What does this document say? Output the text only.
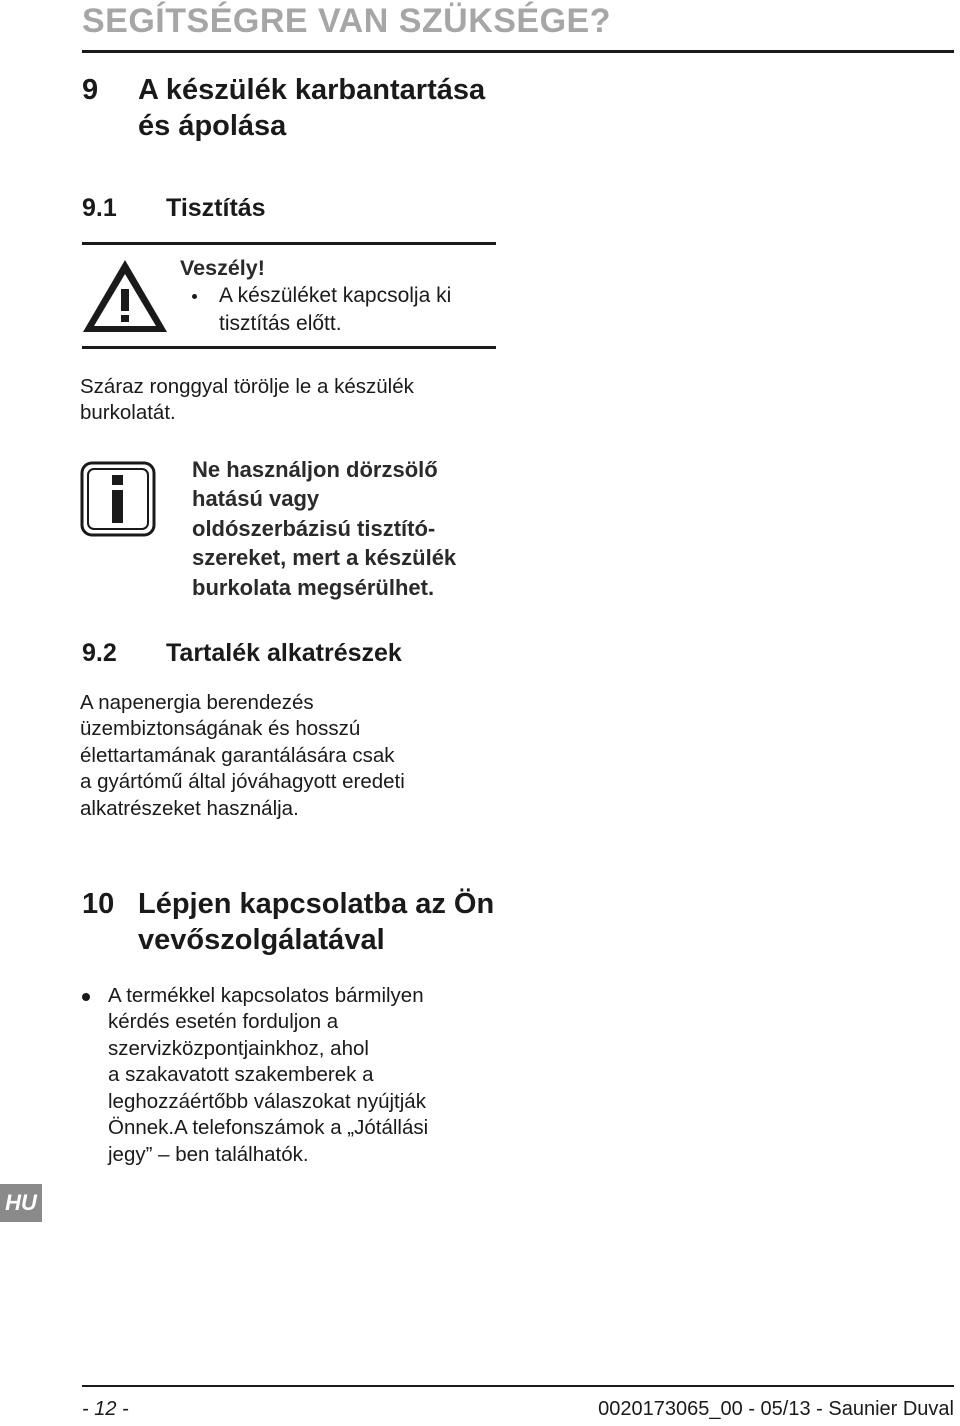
SEGÍTSÉGRE VAN SZÜKSÉGE?
9 A készülék karbantartása
és ápolása
9.1 Tisztítás
Veszély!
A készüléket kapcsolja ki
tisztítás előtt.
Száraz ronggyal törölje le a készülék
burkolatát.
Ne használjon dörzsölő
hatású vagy
oldószerbázisú tisztító-
szereket, mert a készülék
burkolata megsérülhet.
9.2 Tartalék alkatrészek
A napenergia berendezés
üzembiztonságának és hosszú
élettartamának garantálására csak
a gyártómű által jóváhagyott eredeti
alkatrészeket használja.
10 Lépjen kapcsolatba az Ön
vevőszolgálatával
A termékkel kapcsolatos bármilyen
kérdés esetén forduljon a
szervizközpontjainkhoz, ahol
a szakavatott szakemberek a
leghozzáértőbb válaszokat nyújtják
Önnek.A telefonszámok a „Jótállási
jegy” – ben találhatók.
HU
- 12 -	0020173065_00 - 05/13 - Saunier Duval
